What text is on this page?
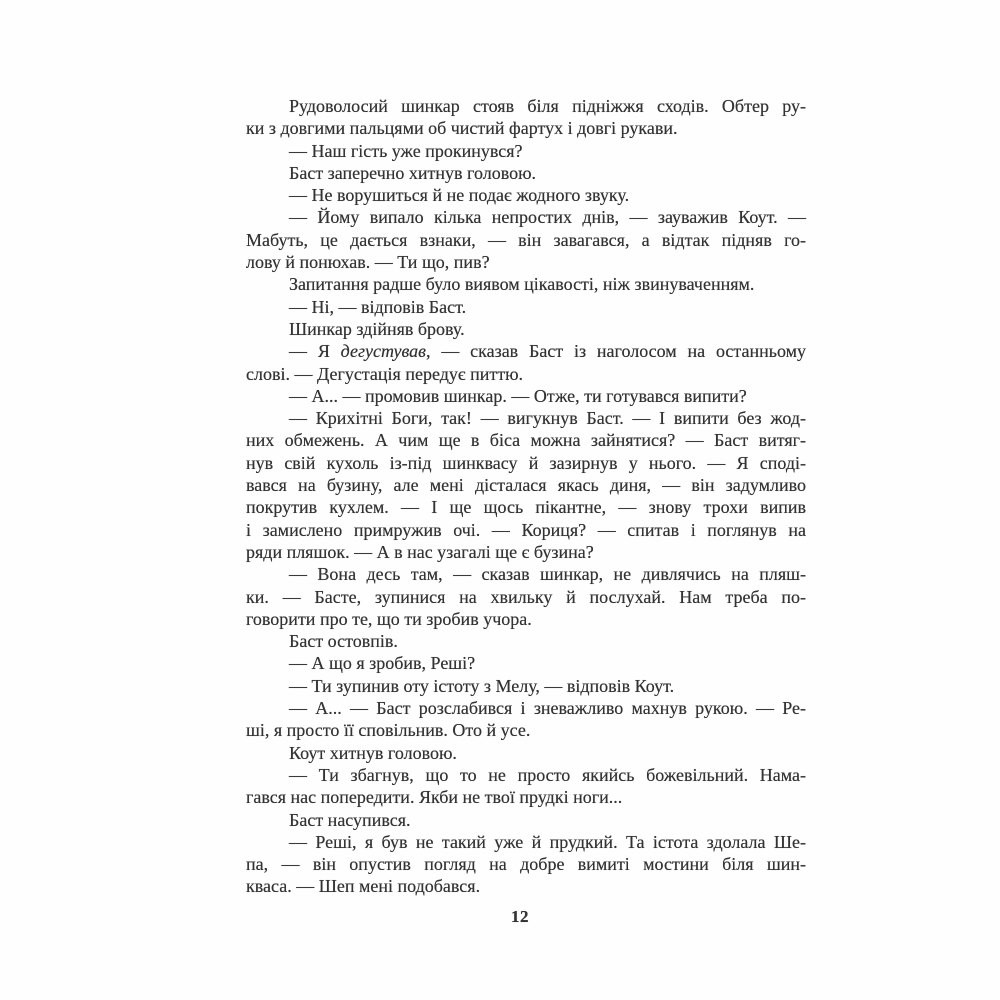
Рудоволосий шинкар стояв біля підніжжя сходів. Обтер ру-
ки з довгими пальцями об чистий фартух і довгі рукави.
— Наш гість уже прокинувся?
Баст заперечно хитнув головою.
— Не ворушиться й не подає жодного звуку.
— Йому випало кілька непростих днів, — зауважив Коут. —
Мабуть, це дається взнаки, — він завагався, а відтак підняв го-
лову й понюхав. — Ти що, пив?
Запитання радше було виявом цікавості, ніж звинуваченням.
— Ні, — відповів Баст.
Шинкар здійняв брову.
— Я дегустував, — сказав Баст із наголосом на останньому
слові. — Дегустація передує питтю.
— А... — промовив шинкар. — Отже, ти готувався випити?
— Крихітні Боги, так! — вигукнув Баст. — І випити без жод-
них обмежень. А чим ще в біса можна зайнятися? — Баст витяг-
нув свій кухоль із-під шинквасу й зазирнув у нього. — Я споді-
вався на бузину, але мені дісталася якась диня, — він задумливо
покрутив кухлем. — І ще щось пікантне, — знову трохи випив
і замислено примружив очі. — Кориця? — спитав і поглянув на
ряди пляшок. — А в нас узагалі ще є бузина?
— Вона десь там, — сказав шинкар, не дивлячись на пляш-
ки. — Басте, зупинися на хвильку й послухай. Нам треба по-
говорити про те, що ти зробив учора.
Баст остовпів.
— А що я зробив, Реші?
— Ти зупинив оту істоту з Мелу, — відповів Коут.
— А... — Баст розслабився і зневажливо махнув рукою. — Ре-
ші, я просто її сповільнив. Ото й усе.
Коут хитнув головою.
— Ти збагнув, що то не просто якийсь божевільний. Нама-
гався нас попередити. Якби не твої прудкі ноги...
Баст насупився.
— Реші, я був не такий уже й прудкий. Та істота здолала Ше-
па, — він опустив погляд на добре вимиті мостини біля шин-
кваса. — Шеп мені подобався.
12
